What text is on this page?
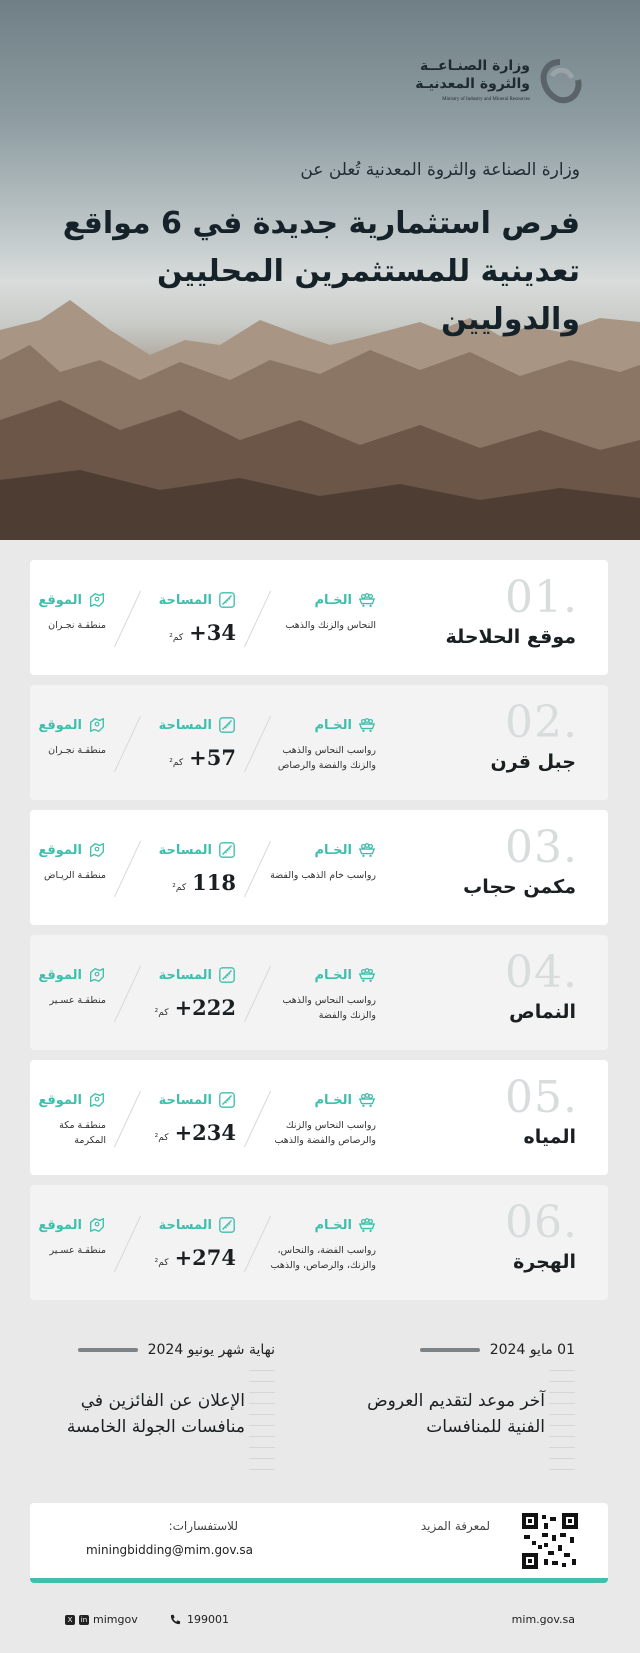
وزارة الصنـاعــة
والثروة المعدنيـة
Ministry of Industry and Mineral Resources
وزارة الصناعة والثروة المعدنية تُعلن عن
فرص استثمارية جديدة في 6 مواقع تعدينية للمستثمرين المحليين والدوليين
01.
موقع الحلاحلة
الخـام
النحاس والزنك والذهب
المساحة
+34
كم²
الموقع
منطقـة نجـران
02.
جبل قرن
الخـام
رواسب النحاس والذهب والزنك والفضة والرصاص
المساحة
+57
كم²
الموقع
منطقـة نجـران
03.
مكمن حجاب
الخـام
رواسب خام الذهب والفضة
المساحة
118
كم²
الموقع
منطقـة الريـاض
04.
النماص
الخـام
رواسب النحاس والذهب والزنك والفضة
المساحة
+222
كم²
الموقع
منطقـة عسـير
05.
المياه
الخـام
رواسب النحاس والزنك والرصاص والفضة والذهب
المساحة
+234
كم²
الموقع
منطقـة مكة المكرمة
06.
الهجرة
الخـام
رواسب الفضة، والنحاس، والزنك، والرصاص، والذهب
المساحة
+274
كم²
الموقع
منطقـة عسـير
01 مايو 2024
آخر موعد لتقديم العروض الفنية للمنافسات
نهاية شهر يونيو 2024
الإعلان عن الفائزين في منافسات الجولة الخامسة
لمعرفة المزيد
للاستفسارات:
miningbidding@mim.gov.sa
mim.gov.sa
199001
X	in mimgov
